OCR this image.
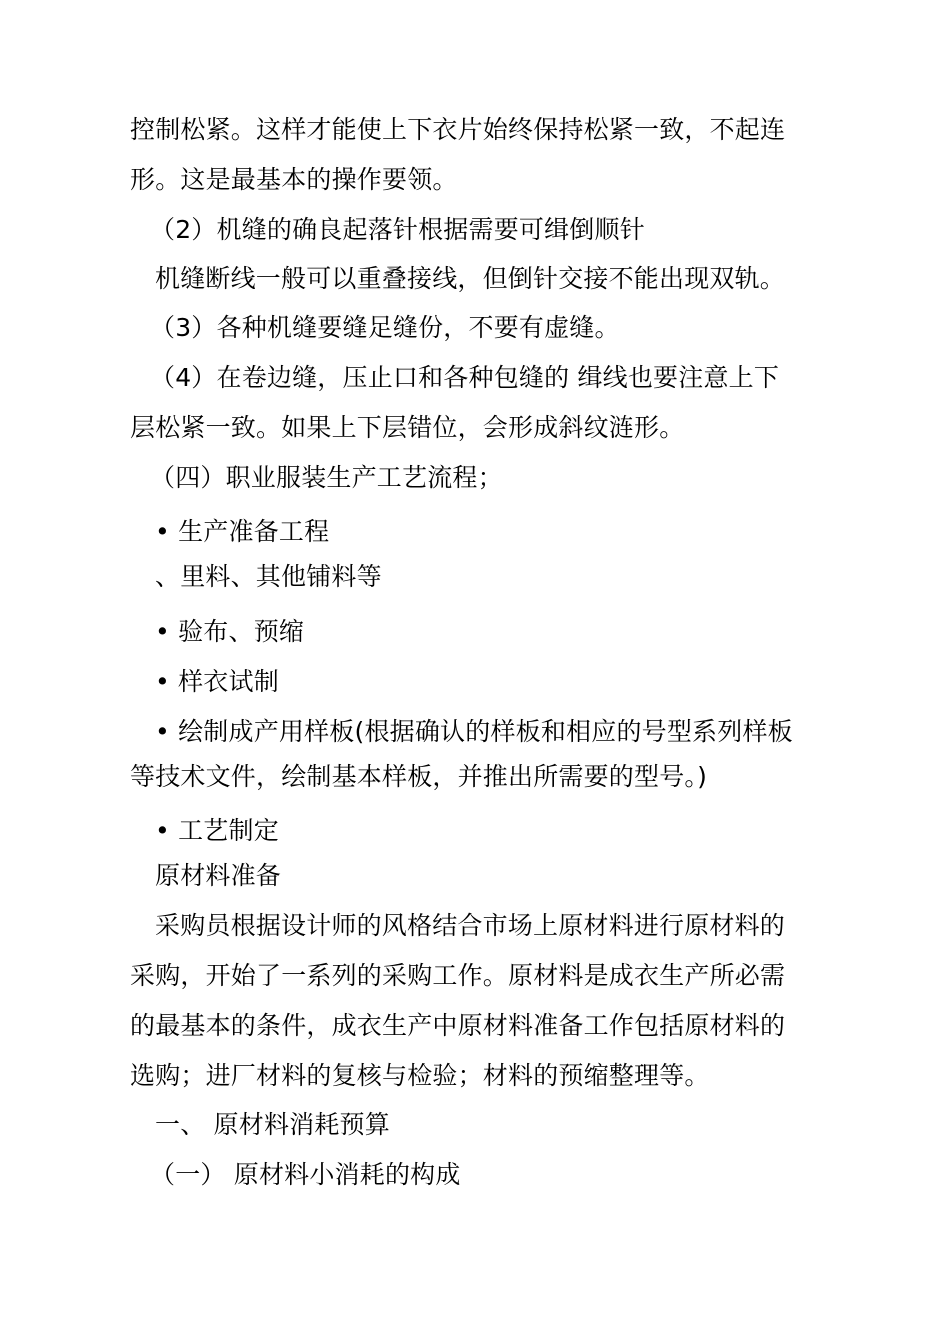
控制松紧。这样才能使上下衣片始终保持松紧一致，不起连
形。这是最基本的操作要领。
（2）机缝的确良起落针根据需要可缉倒顺针
机缝断线一般可以重叠接线，但倒针交接不能出现双轨。
（3）各种机缝要缝足缝份，不要有虚缝。
（4）在卷边缝，压止口和各种包缝的 缉线也要注意上下
层松紧一致。如果上下层错位，会形成斜纹涟形。
（四）职业服装生产工艺流程；
• 生产准备工程
、里料、其他铺料等
• 验布、预缩
• 样衣试制
• 绘制成产用样板(根据确认的样板和相应的号型系列样板
等技术文件，绘制基本样板，并推出所需要的型号。)
• 工艺制定
原材料准备
采购员根据设计师的风格结合市场上原材料进行原材料的
采购，开始了一系列的采购工作。原材料是成衣生产所必需
的最基本的条件，成衣生产中原材料准备工作包括原材料的
选购；进厂材料的复核与检验；材料的预缩整理等。
一、 原材料消耗预算
（一） 原材料小消耗的构成
